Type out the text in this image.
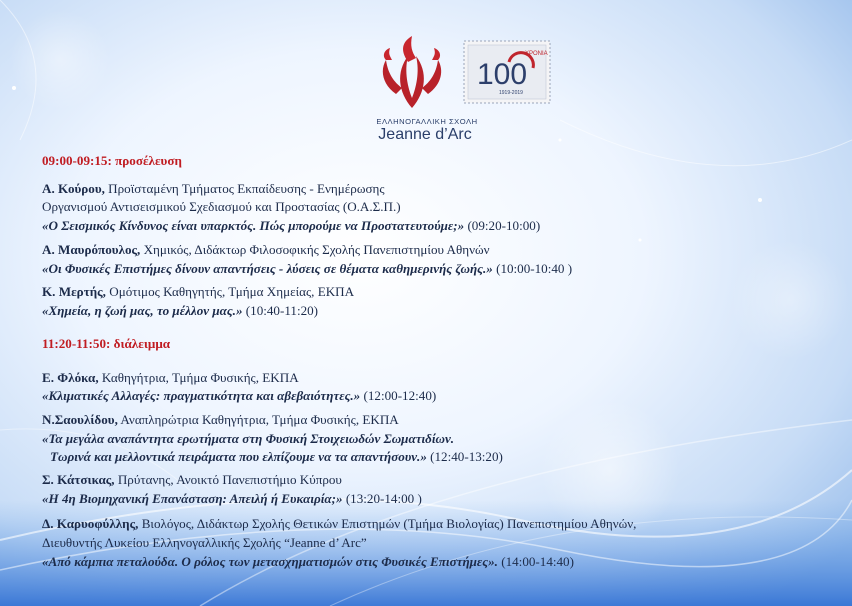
100
ΧΡΟΝΙΑ
1919-2019
ΕΛΛΗΝΟΓΑΛΛΙΚΗ ΣΧΟΛΗ
Jeanne d’Arc
09:00-09:15: προσέλευση
Α. Κούρου, Προϊσταμένη Τμήματος Εκπαίδευσης - Ενημέρωσης
Οργανισμού Αντισεισμικού Σχεδιασμού και Προστασίας (Ο.Α.Σ.Π.)
«Ο Σεισμικός Κίνδυνος είναι υπαρκτός. Πώς μπορούμε να Προστατευτούμε;» (09:20-10:00)
Α. Μαυρόπουλος, Χημικός, Διδάκτωρ Φιλοσοφικής Σχολής Πανεπιστημίου Αθηνών
«Οι Φυσικές Επιστήμες δίνουν απαντήσεις - λύσεις σε θέματα καθημερινής ζωής.» (10:00-10:40 )
Κ. Μερτής, Ομότιμος Καθηγητής, Τμήμα Χημείας, ΕΚΠΑ
«Χημεία, η ζωή μας, το μέλλον μας.» (10:40-11:20)
11:20-11:50: διάλειμμα
Ε. Φλόκα, Καθηγήτρια, Τμήμα Φυσικής, ΕΚΠΑ
«Κλιματικές Αλλαγές: πραγματικότητα και αβεβαιότητες.» (12:00-12:40)
Ν.Σαουλίδου, Αναπληρώτρια Καθηγήτρια, Τμήμα Φυσικής, ΕΚΠΑ
«Τα μεγάλα αναπάντητα ερωτήματα στη Φυσική Στοιχειωδών Σωματιδίων.
Τωρινά και μελλοντικά πειράματα που ελπίζουμε να τα απαντήσουν.» (12:40-13:20)
Σ. Κάτσικας, Πρύτανης, Ανοικτό Πανεπιστήμιο Κύπρου
«Η 4η Βιομηχανική Επανάσταση: Απειλή ή Ευκαιρία;» (13:20-14:00 )
Δ. Καρυοφύλλης, Βιολόγος, Διδάκτωρ Σχολής Θετικών Επιστημών (Τμήμα Βιολογίας) Πανεπιστημίου Αθηνών,
Διευθυντής Λυκείου Ελληνογαλλικής Σχολής “Jeanne d’ Arc”
«Από κάμπια πεταλούδα. Ο ρόλος των μετασχηματισμών στις Φυσικές Επιστήμες». (14:00-14:40)
